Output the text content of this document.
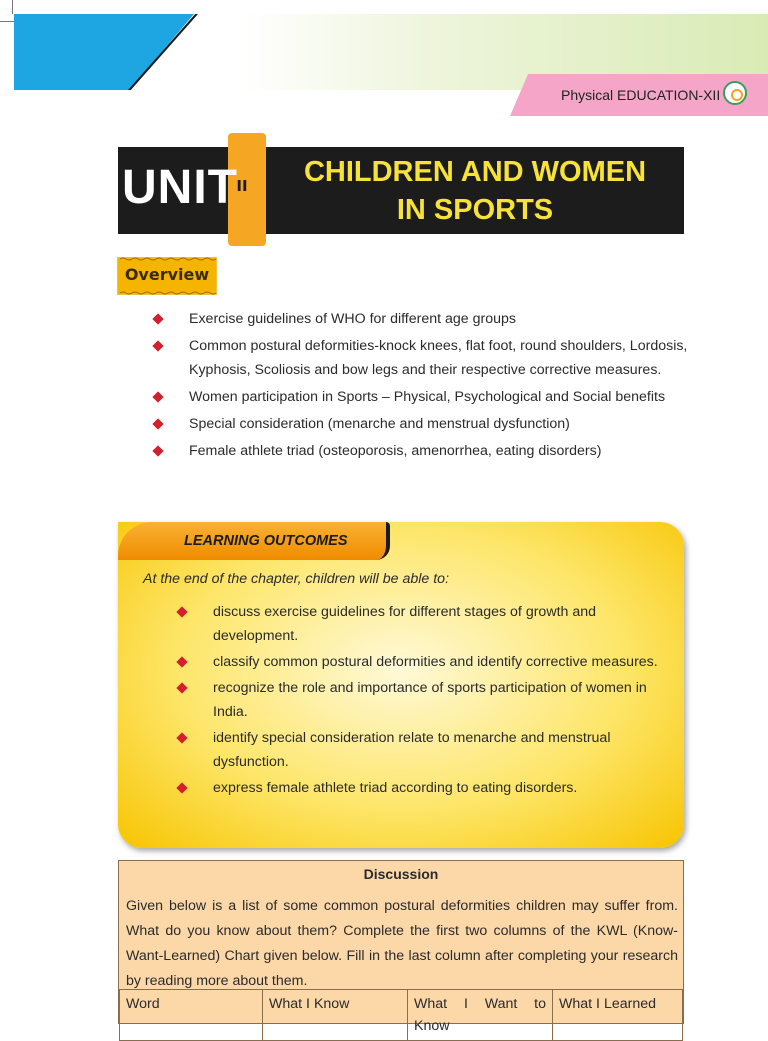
Physical EDUCATION-XII
UNIT
II	CHILDREN AND WOMEN
IN SPORTS
Overview
Exercise guidelines of WHO for different age groups
Common postural deformities-knock knees, flat foot, round shoulders, Lordosis, Kyphosis, Scoliosis and bow legs and their respective corrective measures.
Women participation in Sports – Physical, Psychological and Social benefits
Special consideration (menarche and menstrual dysfunction)
Female athlete triad (osteoporosis, amenorrhea, eating disorders)
LEARNING OUTCOMES
At the end of the chapter, children will be able to:
discuss exercise guidelines for different stages of growth and development.
classify common postural deformities and identify corrective measures.
recognize the role and importance of sports participation of women in India.
identify special consideration relate to menarche and menstrual dysfunction.
express female athlete triad according to eating disorders.
Discussion
Given below is a list of some common postural deformities children may suffer from. What do you know about them? Complete the first two columns of the KWL (Know-Want-Learned) Chart given below. Fill in the last column after completing your research by reading more about them.
Word	What I Know	What I Want to Know	What I Learned
